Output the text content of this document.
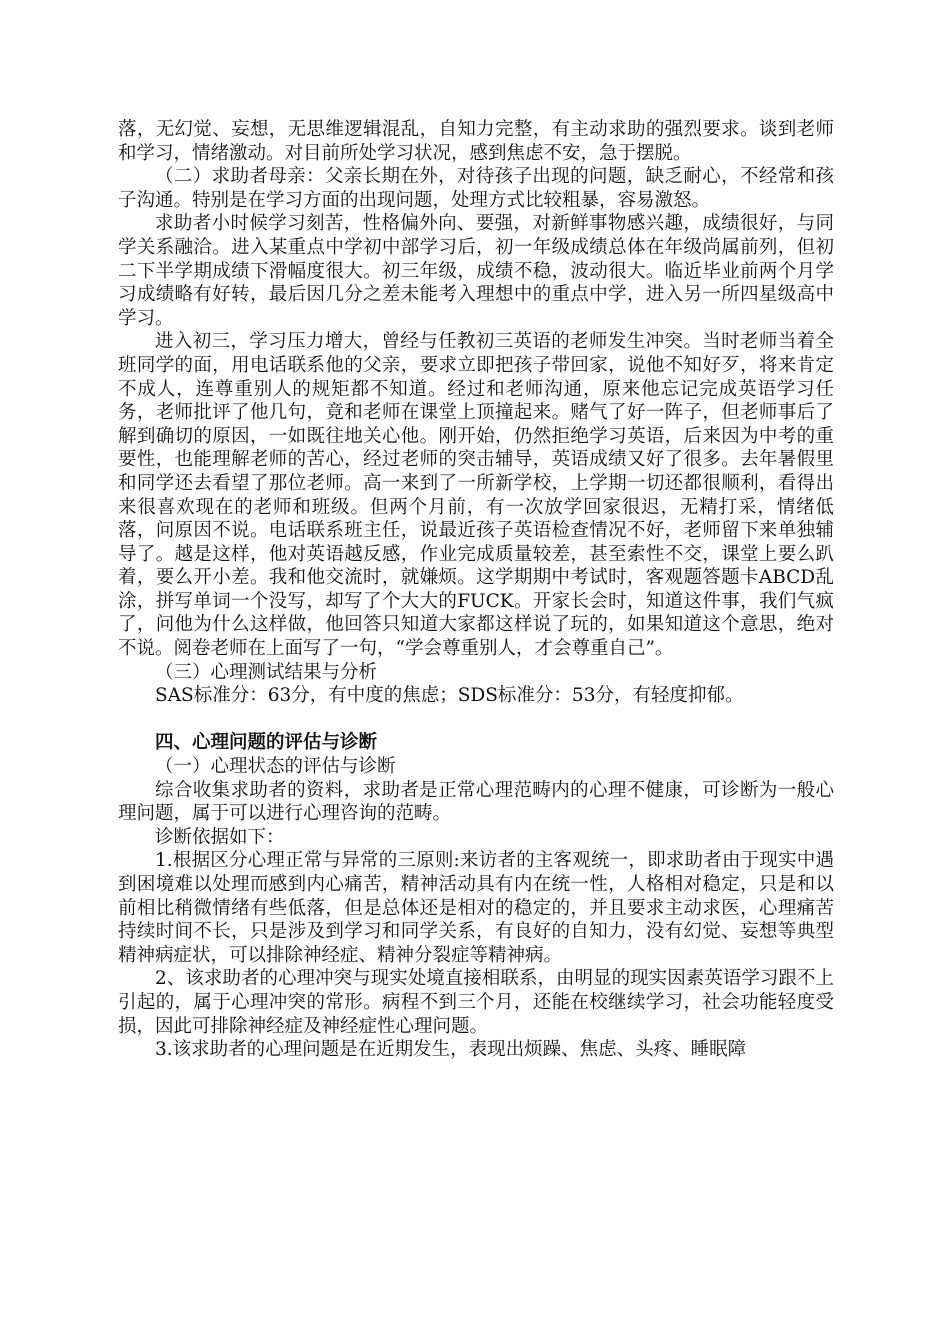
落，无幻觉、妄想，无思维逻辑混乱，自知力完整，有主动求助的强烈要求。谈到老师和学习，情绪激动。对目前所处学习状况，感到焦虑不安，急于摆脱。

（二）求助者母亲：父亲长期在外，对待孩子出现的问题，缺乏耐心，不经常和孩子沟通。特别是在学习方面的出现问题，处理方式比较粗暴，容易激怒。

求助者小时候学习刻苦，性格偏外向、要强，对新鲜事物感兴趣，成绩很好，与同学关系融洽。进入某重点中学初中部学习后，初一年级成绩总体在年级尚属前列，但初二下半学期成绩下滑幅度很大。初三年级，成绩不稳，波动很大。临近毕业前两个月学习成绩略有好转，最后因几分之差未能考入理想中的重点中学，进入另一所四星级高中学习。

进入初三，学习压力增大，曾经与任教初三英语的老师发生冲突。当时老师当着全班同学的面，用电话联系他的父亲，要求立即把孩子带回家，说他不知好歹，将来肯定不成人，连尊重别人的规矩都不知道。经过和老师沟通，原来他忘记完成英语学习任务，老师批评了他几句，竟和老师在课堂上顶撞起来。赌气了好一阵子，但老师事后了解到确切的原因，一如既往地关心他。刚开始，仍然拒绝学习英语，后来因为中考的重要性，也能理解老师的苦心，经过老师的突击辅导，英语成绩又好了很多。去年暑假里和同学还去看望了那位老师。高一来到了一所新学校，上学期一切还都很顺利，看得出来很喜欢现在的老师和班级。但两个月前，有一次放学回家很迟，无精打采，情绪低落，问原因不说。电话联系班主任，说最近孩子英语检查情况不好，老师留下来单独辅导了。越是这样，他对英语越反感，作业完成质量较差，甚至索性不交，课堂上要么趴着，要么开小差。我和他交流时，就嫌烦。这学期期中考试时，客观题答题卡ABCD乱涂，拼写单词一个没写，却写了个大大的FUCK。开家长会时，知道这件事，我们气疯了，问他为什么这样做，他回答只知道大家都这样说了玩的，如果知道这个意思，绝对不说。阅卷老师在上面写了一句，“学会尊重别人，才会尊重自己”。

（三）心理测试结果与分析

SAS标准分：63分，有中度的焦虑；SDS标准分：53分，有轻度抑郁。

四、心理问题的评估与诊断

（一）心理状态的评估与诊断

综合收集求助者的资料，求助者是正常心理范畴内的心理不健康，可诊断为一般心理问题，属于可以进行心理咨询的范畴。

诊断依据如下：

1.根据区分心理正常与异常的三原则:来访者的主客观统一，即求助者由于现实中遇到困境难以处理而感到内心痛苦，精神活动具有内在统一性，人格相对稳定，只是和以前相比稍微情绪有些低落，但是总体还是相对的稳定的，并且要求主动求医，心理痛苦持续时间不长，只是涉及到学习和同学关系，有良好的自知力，没有幻觉、妄想等典型精神病症状，可以排除神经症、精神分裂症等精神病。

2、该求助者的心理冲突与现实处境直接相联系，由明显的现实因素英语学习跟不上引起的，属于心理冲突的常形。病程不到三个月，还能在校继续学习，社会功能轻度受损，因此可排除神经症及神经症性心理问题。

3.该求助者的心理问题是在近期发生，表现出烦躁、焦虑、头疼、睡眠障
